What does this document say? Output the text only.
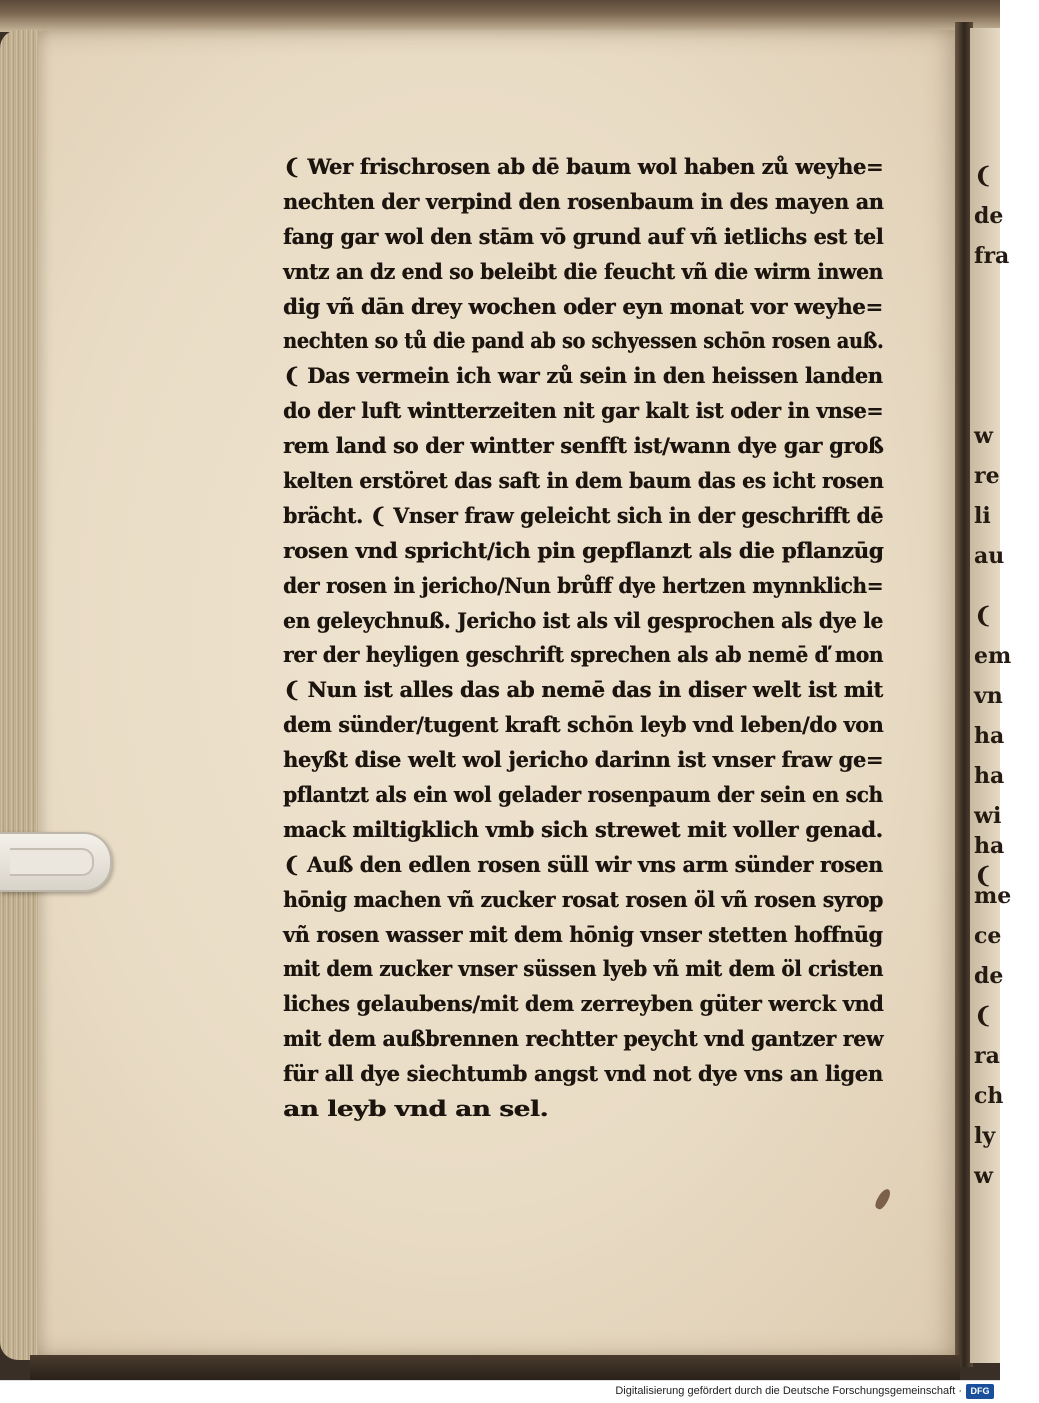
❨
de
fra
w
re
li
au
❨
em
vn
ha
ha
wi
ha
❨
me
ce
de
❨
ra
ch
ly
w
❨ Wer frischrosen ab dē baum wol haben zů weyhe=
nechten der verpind den rosenbaum in des mayen an
fang gar wol den stām vō grund auf vñ ietlichs est tel
vntz an dz end so beleibt die feucht vñ die wirm inwen
dig vñ dān drey wochen oder eyn monat vor weyhe=
nechten so tů die pand ab so schyessen schōn rosen auß.
❨ Das vermein ich war zů sein in den heissen landen
do der luft wintterzeiten nit gar kalt ist oder in vnse=
rem land so der wintter senfft ist/wann dye gar groß
kelten erstöret das saft in dem baum das es icht rosen
brächt. ❨ Vnser fraw geleicht sich in der geschrifft dē
rosen vnd spricht/ich pin gepflanzt als die pflanzūg
der rosen in jericho/Nun brůff dye hertzen mynnklich=
en geleychnuß. Jericho ist als vil gesprochen als dye le
rer der heyligen geschrift sprechen als ab nemē ď mon
❨ Nun ist alles das ab nemē das in diser welt ist mit
dem sünder/tugent kraft schōn leyb vnd leben/do von
heyßt dise welt wol jericho darinn ist vnser fraw ge=
pflantzt als ein wol gelader rosenpaum der sein en sch
mack miltigklich vmb sich strewet mit voller genad.
❨ Auß den edlen rosen süll wir vns arm sünder rosen
hōnig machen vñ zucker rosat rosen öl vñ rosen syrop
vñ rosen wasser mit dem hōnig vnser stetten hoffnūg
mit dem zucker vnser süssen lyeb vñ mit dem öl cristen
liches gelaubens/mit dem zerreyben güter werck vnd
mit dem außbrennen rechtter peycht vnd gantzer rew
für all dye siechtumb angst vnd not dye vns an ligen
an leyb vnd an sel.
Digitalisierung gefördert durch die Deutsche Forschungsgemeinschaft · DFG
